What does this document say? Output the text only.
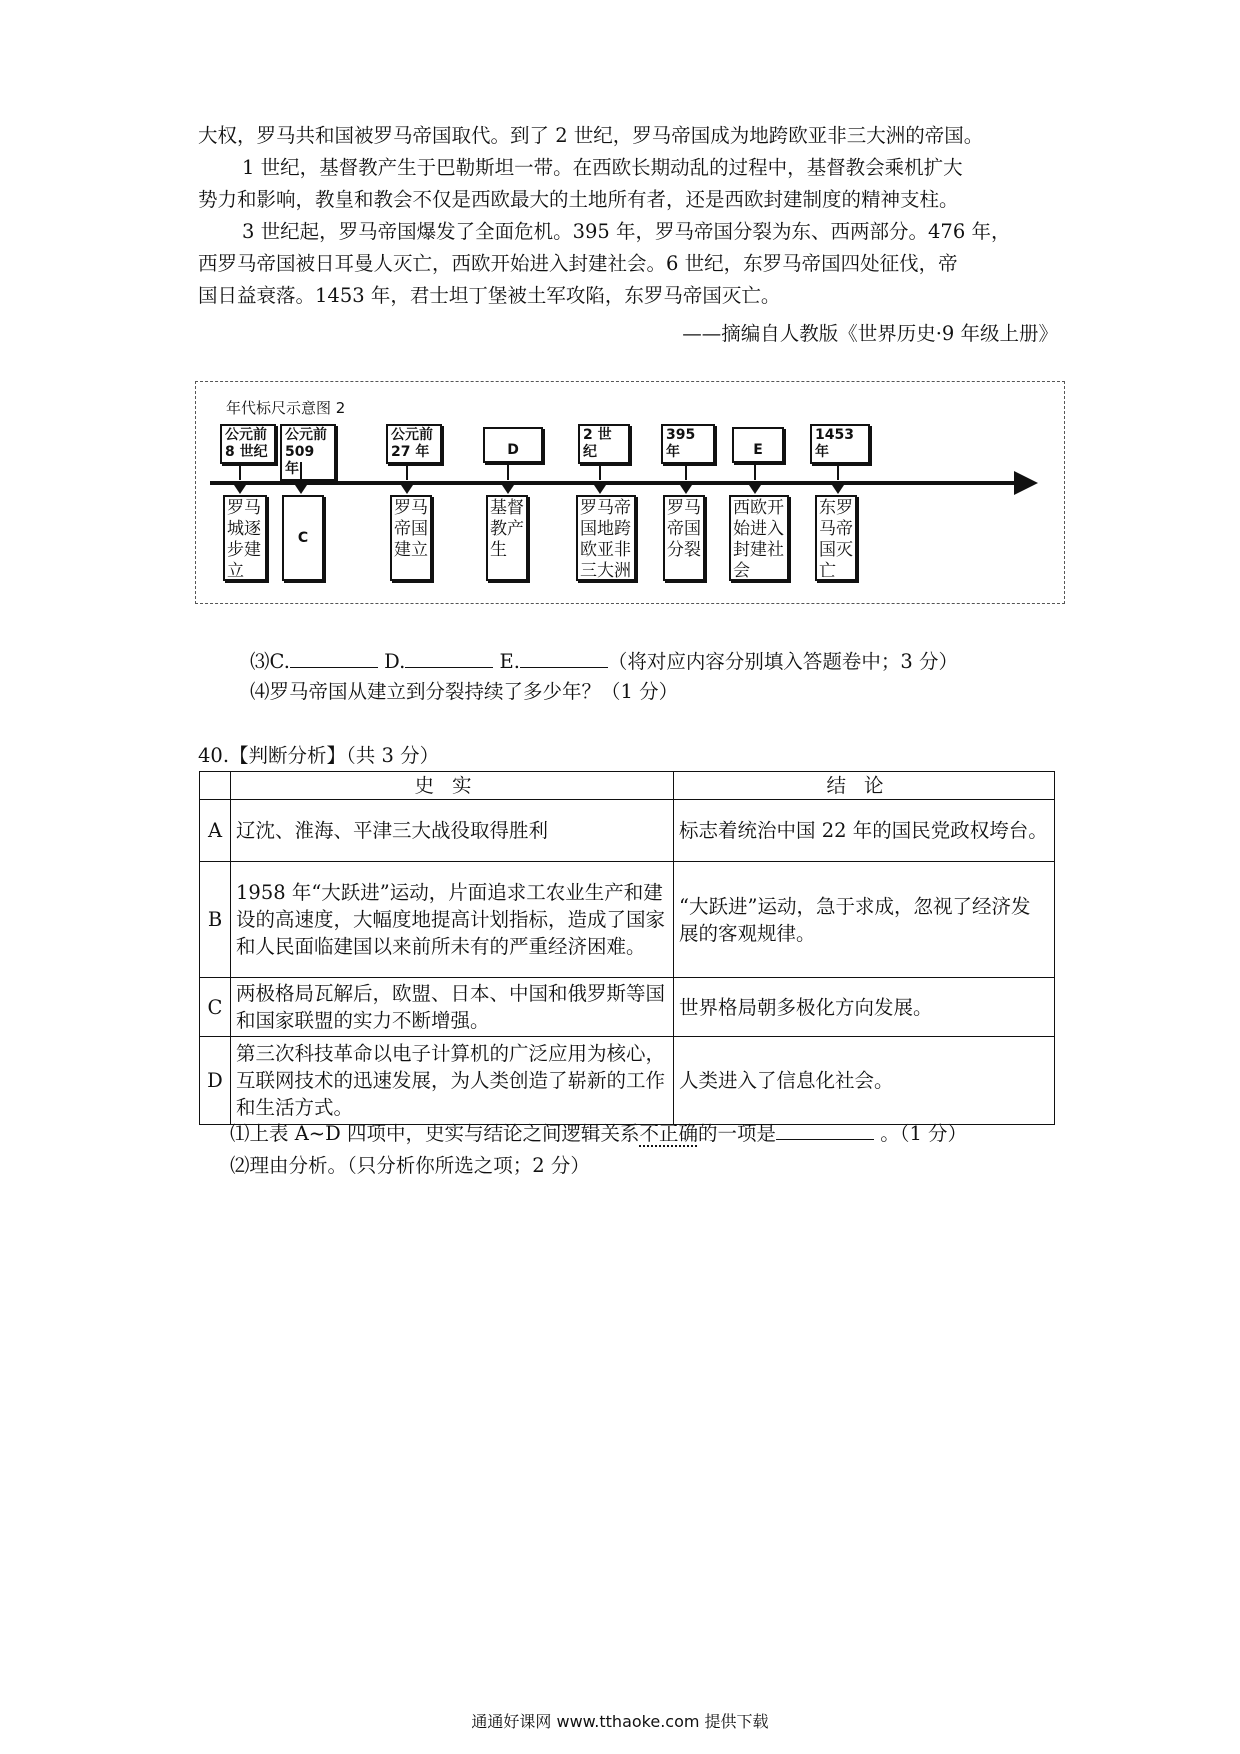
大权，罗马共和国被罗马帝国取代。到了 2 世纪，罗马帝国成为地跨欧亚非三大洲的帝国。
1 世纪，基督教产生于巴勒斯坦一带。在西欧长期动乱的过程中，基督教会乘机扩大
势力和影响，教皇和教会不仅是西欧最大的土地所有者，还是西欧封建制度的精神支柱。
3 世纪起，罗马帝国爆发了全面危机。395 年，罗马帝国分裂为东、西两部分。476 年，
西罗马帝国被日耳曼人灭亡，西欧开始进入封建社会。6 世纪，东罗马帝国四处征伐，帝
国日益衰落。1453 年，君士坦丁堡被土军攻陷，东罗马帝国灭亡。
——摘编自人教版《世界历史·9 年级上册》
年代标尺示意图 2
公元前 8 世纪
公元前 509 年
公元前 27 年	D
2 世纪
395 年	E
1453 年
罗马城逐步建立
C
罗马帝国建立
基督教产生
罗马帝国地跨欧亚非三大洲
罗马帝国分裂
西欧开始进入封建社会
东罗马帝国灭亡
⑶C.	D.	E.	（将对应内容分别填入答题卷中；3 分）
⑷罗马帝国从建立到分裂持续了多少年？（1 分）
40.【判断分析】（共 3 分）
	史实	结论
A	辽沈、淮海、平津三大战役取得胜利	标志着统治中国 22 年的国民党政权垮台。
B	1958 年“大跃进”运动，片面追求工农业生产和建设的高速度，大幅度地提高计划指标，造成了国家和人民面临建国以来前所未有的严重经济困难。	“大跃进”运动，急于求成，忽视了经济发展的客观规律。
C	两极格局瓦解后，欧盟、日本、中国和俄罗斯等国和国家联盟的实力不断增强。	世界格局朝多极化方向发展。
D	第三次科技革命以电子计算机的广泛应用为核心，互联网技术的迅速发展，为人类创造了崭新的工作和生活方式。	人类进入了信息化社会。
⑴上表 A~D 四项中，史实与结论之间逻辑关系不正确的一项是	。（1 分）
⑵理由分析。（只分析你所选之项；2 分）
通通好课网 www.tthaoke.com 提供下载
